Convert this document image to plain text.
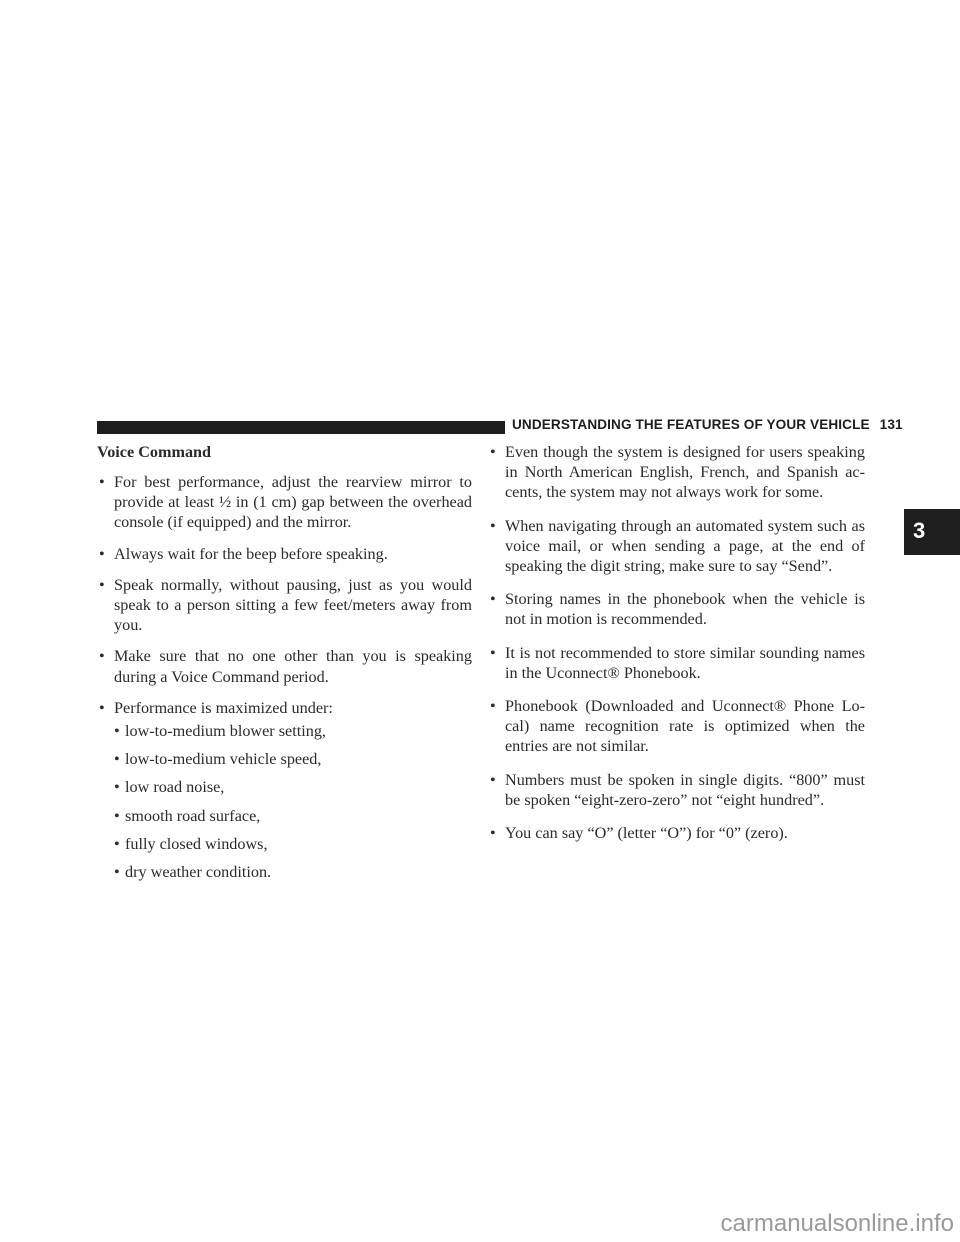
UNDERSTANDING THE FEATURES OF YOUR VEHICLE 131
3
Voice Command
• For best performance, adjust the rearview mirror to provide at least ½ in (1 cm) gap between the overhead console (if equipped) and the mirror.
• Always wait for the beep before speaking.
• Speak normally, without pausing, just as you would speak to a person sitting a few feet/meters away from you.
• Make sure that no one other than you is speaking during a Voice Command period.
• Performance is maximized under:
• low-to-medium blower setting,
• low-to-medium vehicle speed,
• low road noise,
• smooth road surface,
• fully closed windows,
• dry weather condition.
• Even though the system is designed for users speaking in North American English, French, and Spanish ac-cents, the system may not always work for some.
• When navigating through an automated system such as voice mail, or when sending a page, at the end of speaking the digit string, make sure to say “Send”.
• Storing names in the phonebook when the vehicle is not in motion is recommended.
• It is not recommended to store similar sounding names in the Uconnect® Phonebook.
• Phonebook (Downloaded and Uconnect® Phone Lo-cal) name recognition rate is optimized when the entries are not similar.
• Numbers must be spoken in single digits. “800” must be spoken “eight-zero-zero” not “eight hundred”.
• You can say “O” (letter “O”) for “0” (zero).
carmanualsonline.info
